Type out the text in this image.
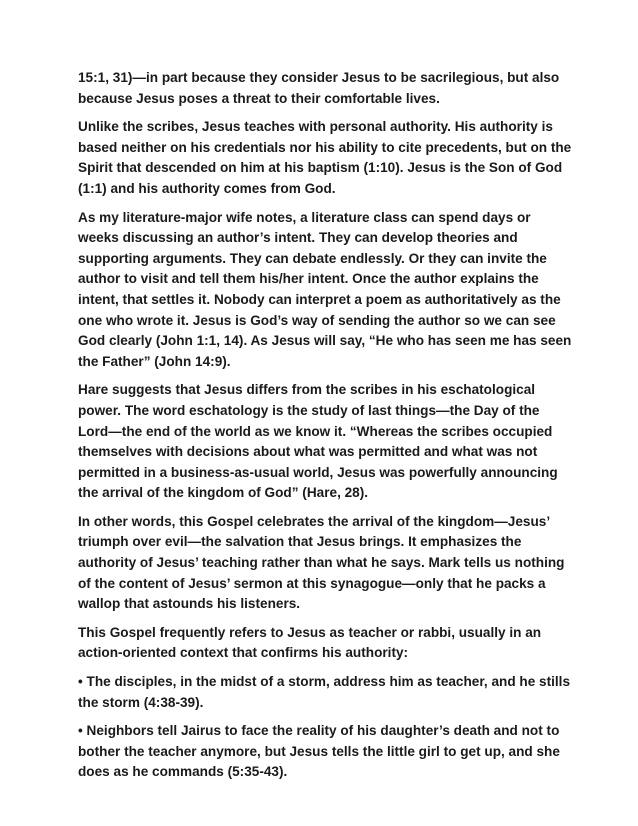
15:1, 31)—in part because they consider Jesus to be sacrilegious, but also because Jesus poses a threat to their comfortable lives.

Unlike the scribes, Jesus teaches with personal authority. His authority is based neither on his credentials nor his ability to cite precedents, but on the Spirit that descended on him at his baptism (1:10). Jesus is the Son of God (1:1) and his authority comes from God.

As my literature-major wife notes, a literature class can spend days or weeks discussing an author’s intent. They can develop theories and supporting arguments. They can debate endlessly. Or they can invite the author to visit and tell them his/her intent. Once the author explains the intent, that settles it. Nobody can interpret a poem as authoritatively as the one who wrote it. Jesus is God’s way of sending the author so we can see God clearly (John 1:1, 14). As Jesus will say, “He who has seen me has seen the Father” (John 14:9).

Hare suggests that Jesus differs from the scribes in his eschatological power. The word eschatology is the study of last things—the Day of the Lord—the end of the world as we know it. “Whereas the scribes occupied themselves with decisions about what was permitted and what was not permitted in a business-as-usual world, Jesus was powerfully announcing the arrival of the kingdom of God” (Hare, 28).

In other words, this Gospel celebrates the arrival of the kingdom—Jesus’ triumph over evil—the salvation that Jesus brings. It emphasizes the authority of Jesus’ teaching rather than what he says. Mark tells us nothing of the content of Jesus’ sermon at this synagogue—only that he packs a wallop that astounds his listeners.

This Gospel frequently refers to Jesus as teacher or rabbi, usually in an action-oriented context that confirms his authority:

• The disciples, in the midst of a storm, address him as teacher, and he stills the storm (4:38-39).

• Neighbors tell Jairus to face the reality of his daughter’s death and not to bother the teacher anymore, but Jesus tells the little girl to get up, and she does as he commands (5:35-43).
